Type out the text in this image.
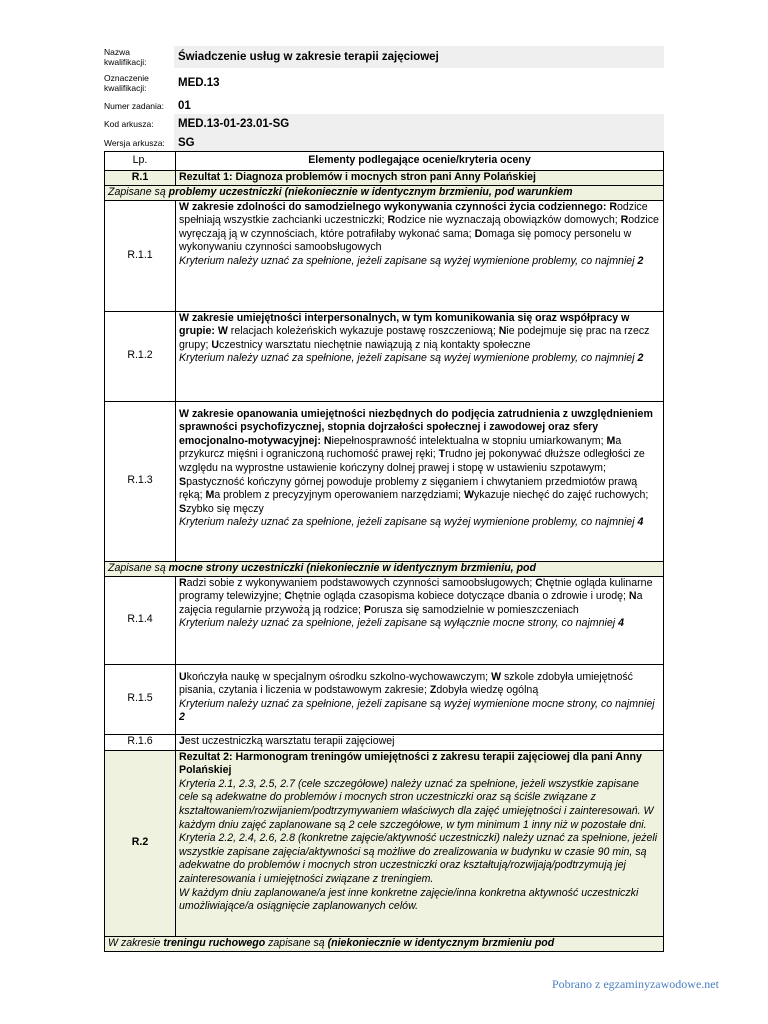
Nazwa kwalifikacji:	Świadczenie usług w zakresie terapii zajęciowej
Oznaczenie kwalifikacji:	MED.13
Numer zadania:	01
Kod arkusza:	MED.13-01-23.01-SG
Wersja arkusza:	SG
Lp.	Elementy podlegające ocenie/kryteria oceny
R.1	Rezultat 1: Diagnoza problemów i mocnych stron pani Anny Polańskiej
Zapisane są problemy uczestniczki (niekoniecznie w identycznym brzmieniu, pod warunkiem	
R.1.1	W zakresie zdolności do samodzielnego wykonywania czynności życia codziennego: Rodzice spełniają wszystkie zachcianki uczestniczki; Rodzice nie wyznaczają obowiązków domowych; Rodzice wyręczają ją w czynnościach, które potrafiłaby wykonać sama; Domaga się pomocy personelu w wykonywaniu czynności samoobsługowych
Kryterium należy uznać za spełnione, jeżeli zapisane są wyżej wymienione problemy, co najmniej 2
R.1.2	W zakresie umiejętności interpersonalnych, w tym komunikowania się oraz współpracy w grupie: W relacjach koleżeńskich wykazuje postawę roszczeniową; Nie podejmuje się prac na rzecz grupy; Uczestnicy warsztatu niechętnie nawiązują z nią kontakty społeczne
Kryterium należy uznać za spełnione, jeżeli zapisane są wyżej wymienione problemy, co najmniej 2
R.1.3	W zakresie opanowania umiejętności niezbędnych do podjęcia zatrudnienia z uwzględnieniem sprawności psychofizycznej, stopnia dojrzałości społecznej i zawodowej oraz sfery emocjonalno-motywacyjnej: Niepełnosprawność intelektualna w stopniu umiarkowanym; Ma przykurcz mięśni i ograniczoną ruchomość prawej ręki; Trudno jej pokonywać dłuższe odległości ze względu na wyprostne ustawienie kończyny dolnej prawej i stopę w ustawieniu szpotawym; Spastyczność kończyny górnej powoduje problemy z sięganiem i chwytaniem przedmiotów prawą ręką; Ma problem z precyzyjnym operowaniem narzędziami; Wykazuje niechęć do zajęć ruchowych; Szybko się męczy
Kryterium należy uznać za spełnione, jeżeli zapisane są wyżej wymienione problemy, co najmniej 4
Zapisane są mocne strony uczestniczki (niekoniecznie w identycznym brzmieniu, pod	
R.1.4	Radzi sobie z wykonywaniem podstawowych czynności samoobsługowych; Chętnie ogląda kulinarne programy telewizyjne; Chętnie ogląda czasopisma kobiece dotyczące dbania o zdrowie i urodę; Na zajęcia regularnie przywożą ją rodzice; Porusza się samodzielnie w pomieszczeniach
Kryterium należy uznać za spełnione, jeżeli zapisane są wyłącznie mocne strony, co najmniej 4
R.1.5	Ukończyła naukę w specjalnym ośrodku szkolno-wychowawczym; W szkole zdobyła umiejętność pisania, czytania i liczenia w podstawowym zakresie; Zdobyła wiedzę ogólną
Kryterium należy uznać za spełnione, jeżeli zapisane są wyżej wymienione mocne strony, co najmniej 2
R.1.6	Jest uczestniczką warsztatu terapii zajęciowej
R.2	Rezultat 2: Harmonogram treningów umiejętności z zakresu terapii zajęciowej dla pani Anny Polańskiej
Kryteria 2.1, 2.3, 2.5, 2.7 (cele szczegółowe) należy uznać za spełnione, jeżeli wszystkie zapisane cele są adekwatne do problemów i mocnych stron uczestniczki oraz są ściśle związane z kształtowaniem/rozwijaniem/podtrzymywaniem właściwych dla zajęć umiejętności i zainteresowań. W każdym dniu zajęć zaplanowane są 2 cele szczegółowe, w tym minimum 1 inny niż w pozostałe dni.
Kryteria 2.2, 2.4, 2.6, 2.8 (konkretne zajęcie/aktywność uczestniczki) należy uznać za spełnione, jeżeli wszystkie zapisane zajęcia/aktywności są możliwe do zrealizowania w budynku w czasie 90 min, są adekwatne do problemów i mocnych stron uczestniczki oraz kształtują/rozwijają/podtrzymują jej zainteresowania i umiejętności związane z treningiem.
W każdym dniu zaplanowane/a jest inne konkretne zajęcie/inna konkretna aktywność uczestniczki umożliwiające/a osiągnięcie zaplanowanych celów.
W zakresie treningu ruchowego zapisane są (niekoniecznie w identycznym brzmieniu pod	
Pobrano z egzaminyzawodowe.net
